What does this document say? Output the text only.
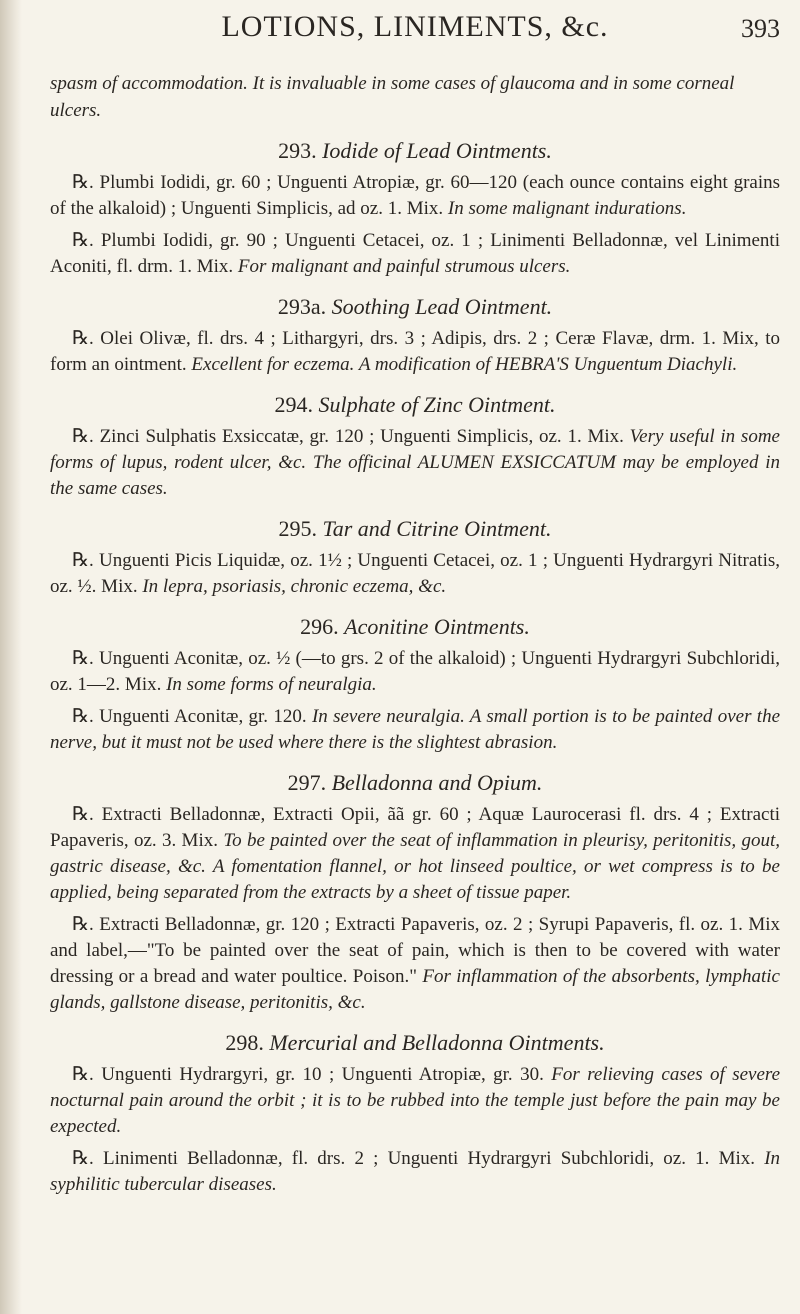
LOTIONS, LINIMENTS, &c.	393

spasm of accommodation. It is invaluable in some cases of glaucoma and in some corneal ulcers.

293. Iodide of Lead Ointments.

℞. Plumbi Iodidi, gr. 60 ; Unguenti Atropiæ, gr. 60—120 (each ounce contains eight grains of the alkaloid) ; Unguenti Simplicis, ad oz. 1. Mix. In some malignant indurations.

℞. Plumbi Iodidi, gr. 90 ; Unguenti Cetacei, oz. 1 ; Linimenti Belladonnæ, vel Linimenti Aconiti, fl. drm. 1. Mix. For malignant and painful strumous ulcers.

293a. Soothing Lead Ointment.

℞. Olei Olivæ, fl. drs. 4 ; Lithargyri, drs. 3 ; Adipis, drs. 2 ; Ceræ Flavæ, drm. 1. Mix, to form an ointment. Excellent for eczema. A modification of HEBRA'S Unguentum Diachyli.

294. Sulphate of Zinc Ointment.

℞. Zinci Sulphatis Exsiccatæ, gr. 120 ; Unguenti Simplicis, oz. 1. Mix. Very useful in some forms of lupus, rodent ulcer, &c. The officinal ALUMEN EXSICCATUM may be employed in the same cases.

295. Tar and Citrine Ointment.

℞. Unguenti Picis Liquidæ, oz. 1½ ; Unguenti Cetacei, oz. 1 ; Unguenti Hydrargyri Nitratis, oz. ½. Mix. In lepra, psoriasis, chronic eczema, &c.

296. Aconitine Ointments.

℞. Unguenti Aconitæ, oz. ½ (—to grs. 2 of the alkaloid) ; Unguenti Hydrargyri Subchloridi, oz. 1—2. Mix. In some forms of neuralgia.

℞. Unguenti Aconitæ, gr. 120. In severe neuralgia. A small portion is to be painted over the nerve, but it must not be used where there is the slightest abrasion.

297. Belladonna and Opium.

℞. Extracti Belladonnæ, Extracti Opii, ãã gr. 60 ; Aquæ Laurocerasi fl. drs. 4 ; Extracti Papaveris, oz. 3. Mix. To be painted over the seat of inflammation in pleurisy, peritonitis, gout, gastric disease, &c. A fomentation flannel, or hot linseed poultice, or wet compress is to be applied, being separated from the extracts by a sheet of tissue paper.

℞. Extracti Belladonnæ, gr. 120 ; Extracti Papaveris, oz. 2 ; Syrupi Papaveris, fl. oz. 1. Mix and label,—"To be painted over the seat of pain, which is then to be covered with water dressing or a bread and water poultice. Poison." For inflammation of the absorbents, lymphatic glands, gallstone disease, peritonitis, &c.

298. Mercurial and Belladonna Ointments.

℞. Unguenti Hydrargyri, gr. 10 ; Unguenti Atropiæ, gr. 30. For relieving cases of severe nocturnal pain around the orbit ; it is to be rubbed into the temple just before the pain may be expected.

℞. Linimenti Belladonnæ, fl. drs. 2 ; Unguenti Hydrargyri Subchloridi, oz. 1. Mix. In syphilitic tubercular diseases.
